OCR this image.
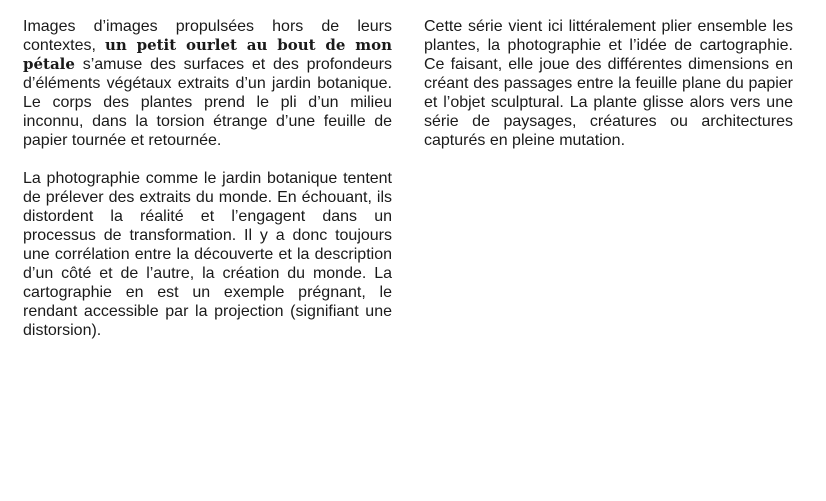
Images d’images propulsées hors de leurs contextes, un petit ourlet au bout de mon pétale s’amuse des surfaces et des profondeurs d’éléments végétaux extraits d’un jardin botanique. Le corps des plantes prend le pli d’un milieu inconnu, dans la torsion étrange d’une feuille de papier tournée et retournée.

La photographie comme le jardin botanique tentent de prélever des extraits du monde. En échouant, ils distordent la réalité et l’engagent dans un processus de transformation. Il y a donc toujours une corrélation entre la découverte et la description d’un côté et de l’autre, la création du monde. La cartographie en est un exemple prégnant, le rendant accessible par la projection (signifiant une distorsion).

Cette série vient ici littéralement plier ensemble les plantes, la photographie et l’idée de cartographie. Ce faisant, elle joue des différentes dimensions en créant des passages entre la feuille plane du papier et l’objet sculptural. La plante glisse alors vers une série de paysages, créatures ou architectures capturés en pleine mutation.
